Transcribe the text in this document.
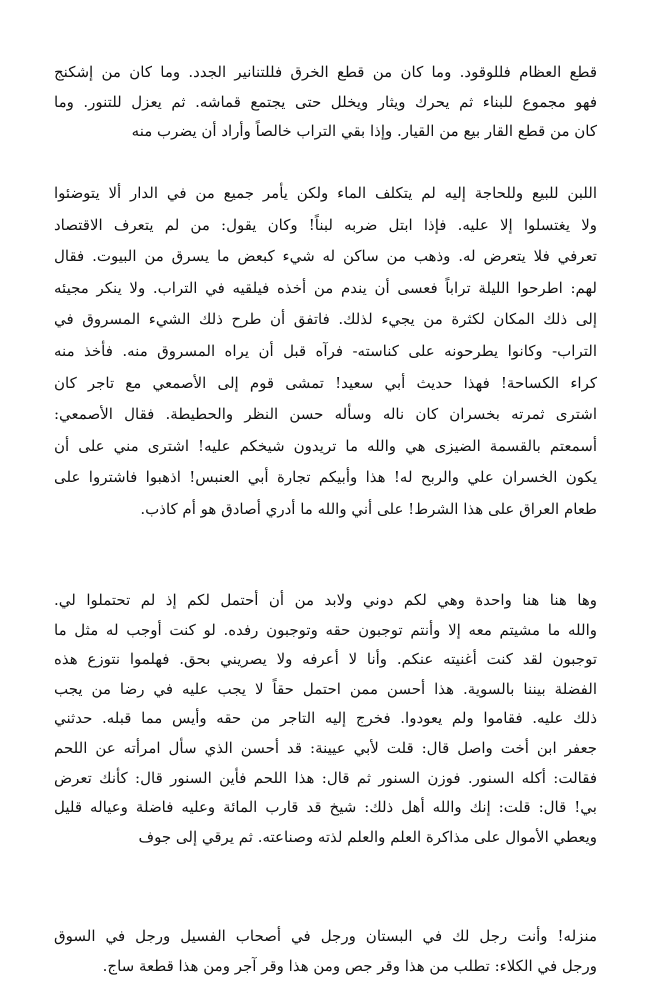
قطع العظام فللوقود. وما كان من قطع الخرق فللتنانير الجدد. وما كان من إشكنج
فهو مجموع للبناء ثم يحرك ويثار ويخلل حتى يجتمع قماشه. ثم يعزل للتنور. وما
كان من قطع القار بيع من القيار. وإذا بقي التراب خالصاً وأراد أن يضرب منه
اللبن للبيع وللحاجة إليه لم يتكلف الماء ولكن يأمر جميع من في الدار ألا يتوضئوا
ولا يغتسلوا إلا عليه. فإذا ابتل ضربه لبناً! وكان يقول: من لم يتعرف الاقتصاد
تعرفي فلا يتعرض له. وذهب من ساكن له شيء كبعض ما يسرق من البيوت. فقال
لهم: اطرحوا الليلة تراباً فعسى أن يندم من أخذه فيلقيه في التراب. ولا ينكر مجيئه
إلى ذلك المكان لكثرة من يجيء لذلك. فاتفق أن طرح ذلك الشيء المسروق في
التراب- وكانوا يطرحونه على كناسته- فرآه قبل أن يراه المسروق منه. فأخذ منه
كراء الكساحة! فهذا حديث أبي سعيد! تمشى قوم إلى الأصمعي مع تاجر كان
اشترى ثمرته بخسران كان ناله وسأله حسن النظر والحطيطة. فقال الأصمعي:
أسمعتم بالقسمة الضيزى هي والله ما تريدون شيخكم عليه! اشترى مني على أن
يكون الخسران علي والربح له! هذا وأبيكم تجارة أبي العنبس! اذهبوا فاشتروا على
طعام العراق على هذا الشرط! على أني والله ما أدري أصادق هو أم كاذب.
وها هنا هنا واحدة وهي لكم دوني ولابد من أن أحتمل لكم إذ لم تحتملوا لي.
والله ما مشيتم معه إلا وأنتم توجبون حقه وتوجبون رفده. لو كنت أوجب له مثل ما
توجبون لقد كنت أغنيته عنكم. وأنا لا أعرفه ولا يصريني بحق. فهلموا نتوزع هذه
الفضلة بيننا بالسوية. هذا أحسن ممن احتمل حقاً لا يجب عليه في رضا من يجب
ذلك عليه. فقاموا ولم يعودوا. فخرج إليه التاجر من حقه وأيس مما قبله. حدثني
جعفر ابن أخت واصل قال: قلت لأبي عيينة: قد أحسن الذي سأل امرأته عن اللحم
فقالت: أكله السنور. فوزن السنور ثم قال: هذا اللحم فأين السنور قال: كأنك تعرض
بي! قال: قلت: إنك والله أهل ذلك: شيخ قد قارب المائة وعليه فاضلة وعياله قليل
ويعطي الأموال على مذاكرة العلم والعلم لذته وصناعته. ثم يرقي إلى جوف
منزله! وأنت رجل لك في البستان ورجل في أصحاب الفسيل ورجل في السوق
ورجل في الكلاء: تطلب من هذا وقر جص ومن هذا وقر آجر ومن هذا قطعة ساج.
